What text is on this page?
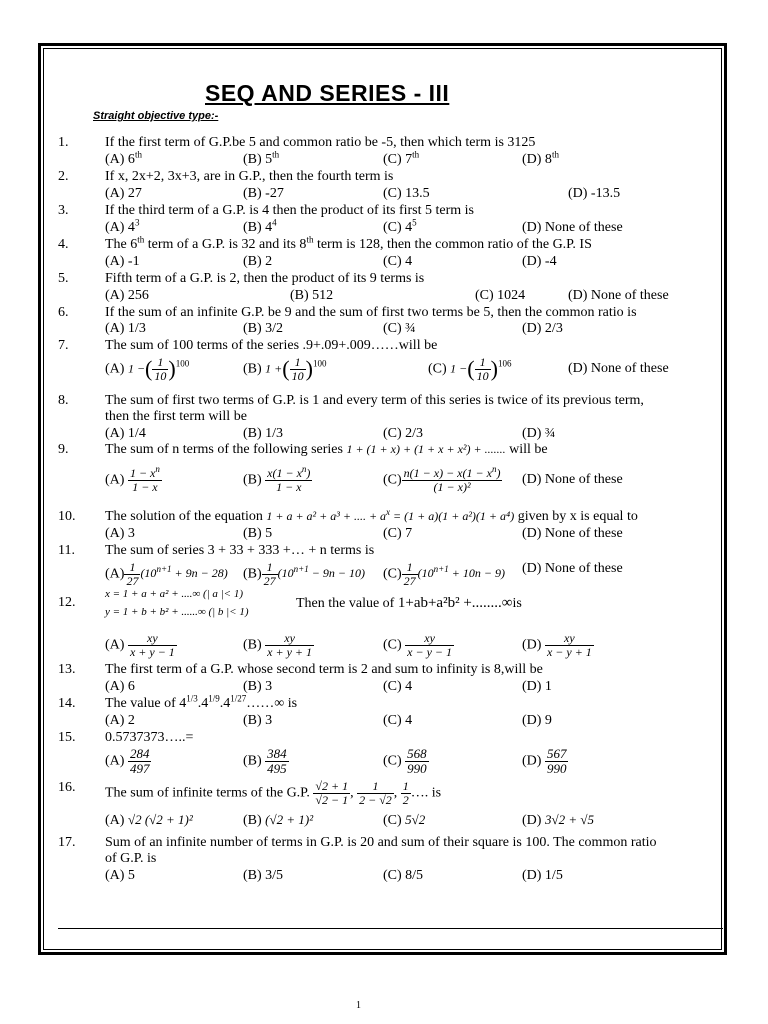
SEQ AND SERIES - III
Straight objective type:-
1.	If the first term of G.P.be 5 and common ratio be -5, then which term is 3125
(A) 6th	(B) 5th	(C) 7th	(D) 8th
2.	If x, 2x+2, 3x+3, are in G.P., then the fourth term is
(A) 27	(B) -27	(C) 13.5	(D) -13.5
3.	If the third term of a G.P. is 4 then the product of its first 5 term is
(A) $4^3$	(B) $4^4$	(C) $4^5$	(D) None of these
4.	The 6th term of a G.P. is 32 and its 8th term is 128, then the common ratio of the G.P. IS
(A) -1	(B) 2	(C) 4	(D) -4
5.	Fifth term of a G.P. is 2, then the product of its 9 terms is
(A) 256	(B) 512	(C) 1024	(D) None of these
6.	If the sum of an infinite G.P. be 9 and the sum of first two terms be 5, then the common ratio is
(A) 1/3	(B) 3/2	(C) ¾	(D) 2/3
7.	The sum of 100 terms of the series .9+.09+.009……will be
(A) 1 −( $\frac{1}{10} )^{100}$	(B) 1 +( $\frac{1}{10} )^{100}$	(C) 1 −( $\frac{1}{10} )^{106}$	(D) None of these
8.	The sum of first two terms of G.P. is 1 and every term of this series is twice of its previous term,
then the first term will be
(A) 1/4	(B) 1/3	(C) 2/3	(D) ¾
9.	The sum of n terms of the following series 1 + (1 + x) + (1 + x + x²) + ....... will be
$(A) \frac{1 - x^n}{1 - x}$	$(B) \frac{x(1 - x^n)}{1 - x}$	$(C) \frac{n(1 - x) - x(1 - x^n)}{\text{(1 − x)²}} (D)$ None of these
10. The solution of the equation 1 + a + a² + a³ + .... + $a^x = (1 + a)(1 + a^2)(1 + a^4)$ given by x is equal to
(A) 3	(B) 5	(C) 7	(D) None of these
11. The sum of series 3 + 33 + 333 +… + n terms is
$(A) \frac{1}{27} (10^{n+1} + 9n - 28)$ $(B) \frac{1}{27} (10^{n+1} - 9n - 10)$ $(C) \frac{1}{27} (10^{n+1} + 10n - 9)$ (D) None of these
12.
x = 1 + a + a² + ....∞ (| a |< 1)
y = 1 + b + b² + ......∞ (| b |< 1)
Then the value of 1+ab+a²b² +........∞is
$(A) \frac{xy}{x + y - 1}$	$(B) \frac{xy}{x + y + 1}$	$(C) \frac{xy}{x - y - 1}$	$(D) \frac{xy}{x - y + 1}$
13. The first term of a G.P. whose second term is 2 and sum to infinity is 8,will be
(A) 6	(B) 3	(C) 4	(D) 1
14. The value of $4^{1/3}.4^{1/9}.4^{1/27}\dots\dots\infty$ is
(A) 2	(B) 3	(C) 4	(D) 9
15. 0.5737373…..=
$(A) \frac{284}{497}$	$(B) \frac{384}{495}$	$(C) \frac{568}{990}$	$(D) \frac{567}{990}$
16. The sum of infinite terms of the G.P. $\frac{√2 + 1}{√2 - 1}$ , $\frac{1}{2 - √2}$ , $\frac{1}{2}$ …. is
(A) √2 (√2 + 1)²	(B) (√2 + 1)²	(C) 5√2	(D) 3√2 + √5
17. Sum of an infinite number of terms in G.P. is 20 and sum of their square is 100. The common ratio
of G.P. is
(A) 5	(B) 3/5	(C) 8/5	(D) 1/5
1
